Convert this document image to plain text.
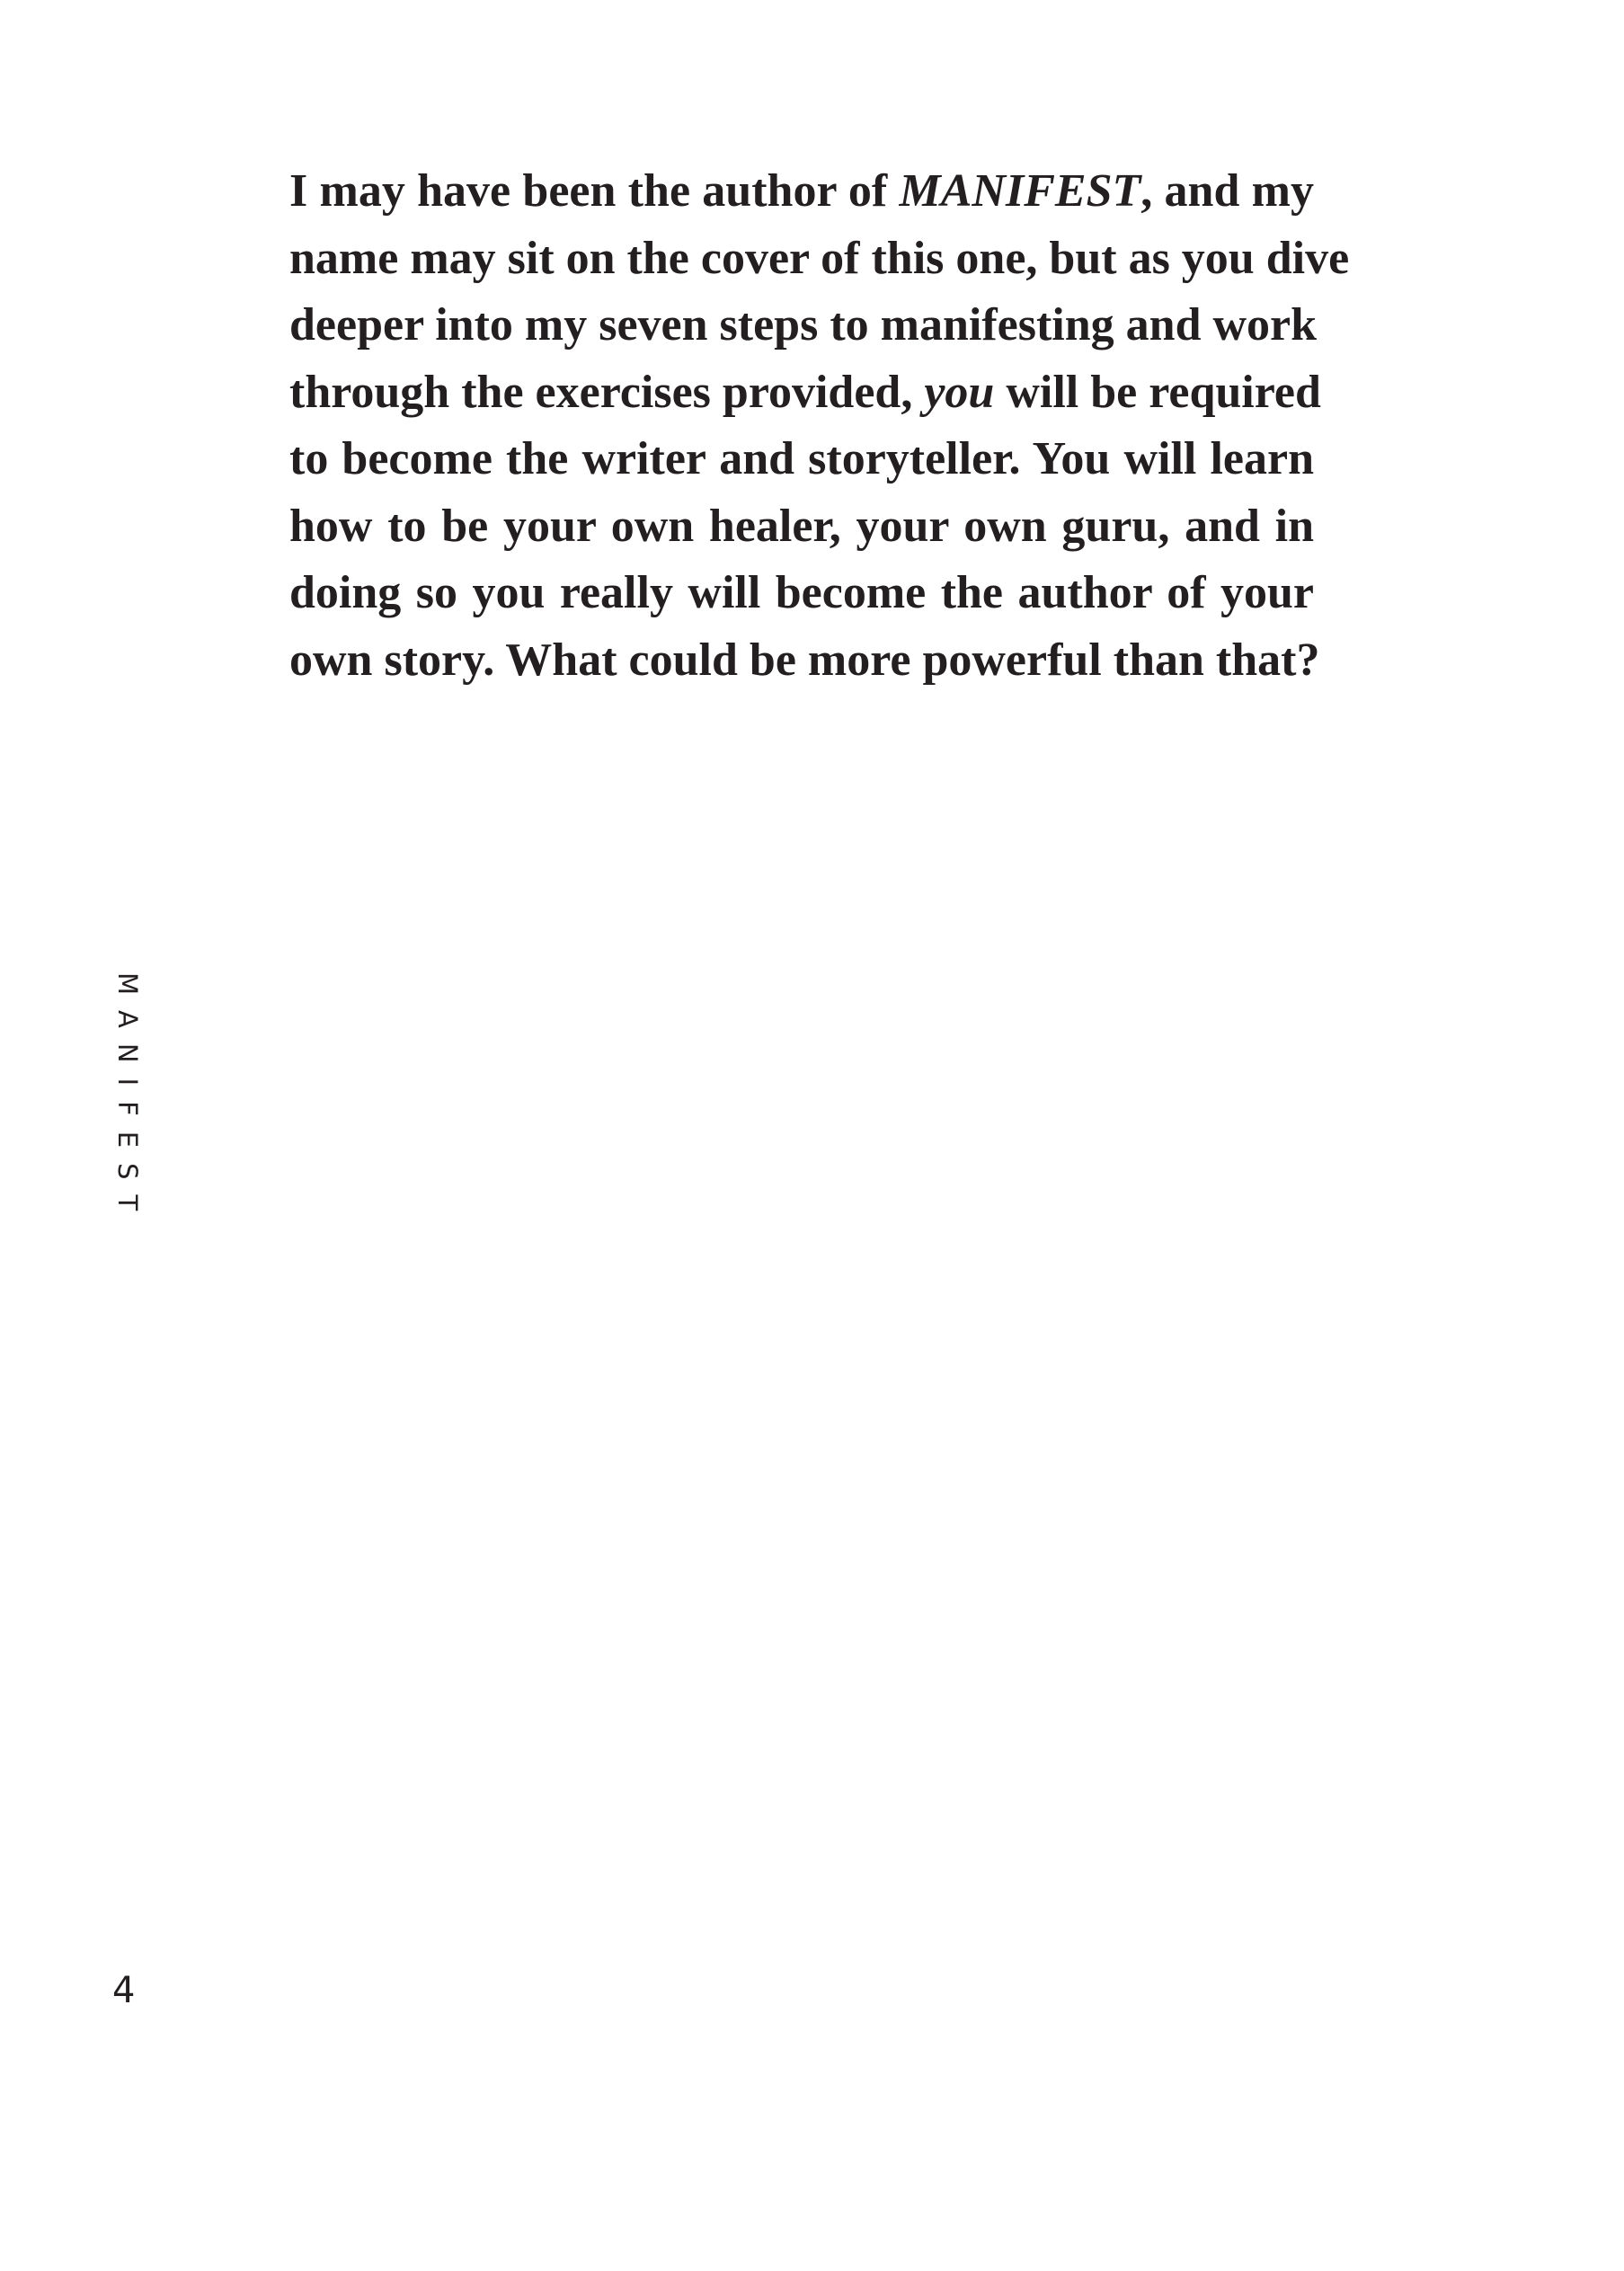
I may have been the author of MANIFEST, and my
name may sit on the cover of this one, but as you dive
deeper into my seven steps to manifesting and work
through the exercises provided, you will be required
to become the writer and storyteller. You will learn
how to be your own healer, your own guru, and in
doing so you really will become the author of your
own story. What could be more powerful than that?

MANIFEST
4
